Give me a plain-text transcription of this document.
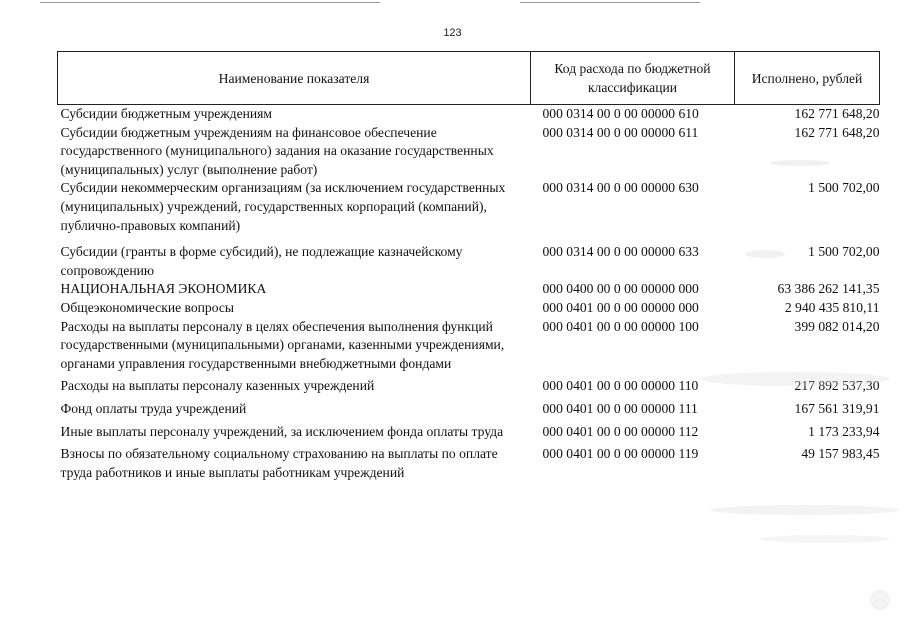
123
Наименование показателя	Код расхода по бюджетной классификации	Исполнено, рублей
Субсидии бюджетным учреждениям	000 0314 00 0 00 00000 610	162 771 648,20
Субсидии бюджетным учреждениям на финансовое обеспечение государственного (муниципального) задания на оказание государственных (муниципальных) услуг (выполнение работ)	000 0314 00 0 00 00000 611	162 771 648,20
Субсидии некоммерческим организациям (за исключением государственных (муниципальных) учреждений, государственных корпораций (компаний), публично-правовых компаний)	000 0314 00 0 00 00000 630	1 500 702,00
Субсидии (гранты в форме субсидий), не подлежащие казначейскому сопровождению	000 0314 00 0 00 00000 633	1 500 702,00
НАЦИОНАЛЬНАЯ ЭКОНОМИКА	000 0400 00 0 00 00000 000	63 386 262 141,35
Общеэкономические вопросы	000 0401 00 0 00 00000 000	2 940 435 810,11
Расходы на выплаты персоналу в целях обеспечения выполнения функций государственными (муниципальными) органами, казенными учреждениями, органами управления государственными внебюджетными фондами	000 0401 00 0 00 00000 100	399 082 014,20
Расходы на выплаты персоналу казенных учреждений	000 0401 00 0 00 00000 110	217 892 537,30
Фонд оплаты труда учреждений	000 0401 00 0 00 00000 111	167 561 319,91
Иные выплаты персоналу учреждений, за исключением фонда оплаты труда	000 0401 00 0 00 00000 112	1 173 233,94
Взносы по обязательному социальному страхованию на выплаты по оплате труда работников и иные выплаты работникам учреждений	000 0401 00 0 00 00000 119	49 157 983,45
